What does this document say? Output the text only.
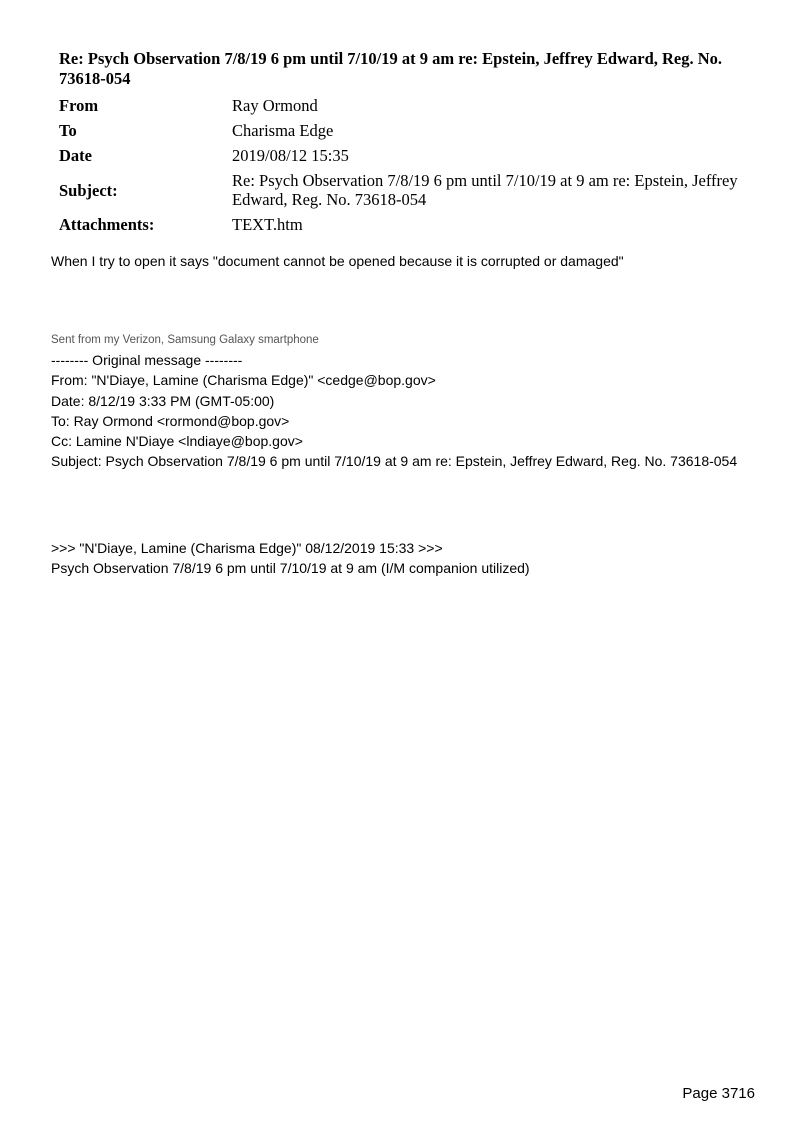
Re: Psych Observation 7/8/19 6 pm until 7/10/19 at 9 am re: Epstein, Jeffrey Edward, Reg. No. 73618-054
From	Ray Ormond
To	Charisma Edge
Date	2019/08/12 15:35
Subject:	Re: Psych Observation 7/8/19 6 pm until 7/10/19 at 9 am re: Epstein, Jeffrey Edward, Reg. No. 73618-054
Attachments:	TEXT.htm
When I try to open it says "document cannot be opened because it is corrupted or damaged"
Sent from my Verizon, Samsung Galaxy smartphone
-------- Original message --------
From: "N'Diaye, Lamine (Charisma Edge)" <cedge@bop.gov>
Date: 8/12/19 3:33 PM (GMT-05:00)
To: Ray Ormond <rormond@bop.gov>
Cc: Lamine N'Diaye <lndiaye@bop.gov>
Subject: Psych Observation 7/8/19 6 pm until 7/10/19 at 9 am re: Epstein, Jeffrey Edward, Reg. No. 73618-054
>>> "N'Diaye, Lamine (Charisma Edge)" 08/12/2019 15:33 >>>
Psych Observation 7/8/19 6 pm until 7/10/19 at 9 am (I/M companion utilized)
Page 3716
